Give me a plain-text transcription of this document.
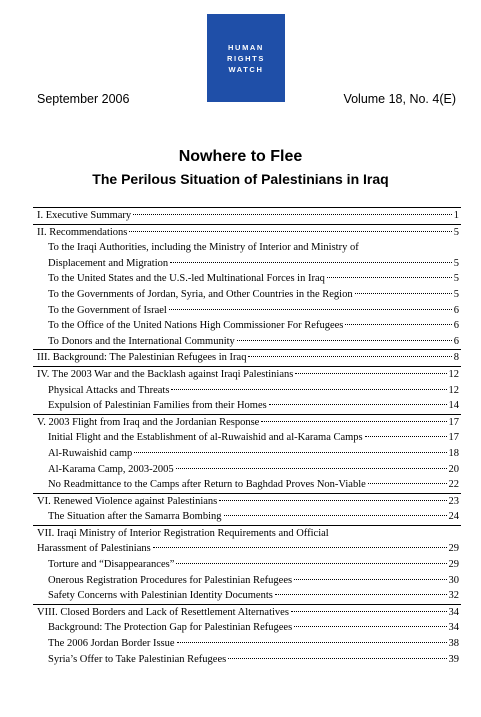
HUMAN
RIGHTS
WATCH
September 2006	Volume 18, No. 4(E)
Nowhere to Flee
The Perilous Situation of Palestinians in Iraq
I. Executive Summary	1
II. Recommendations	5
To the Iraqi Authorities, including the Ministry of Interior and Ministry of
Displacement and Migration	5
To the United States and the U.S.-led Multinational Forces in Iraq	5
To the Governments of Jordan, Syria, and Other Countries in the Region	5
To the Government of Israel	6
To the Office of the United Nations High Commissioner For Refugees	6
To Donors and the International Community	6
III. Background: The Palestinian Refugees in Iraq	8
IV. The 2003 War and the Backlash against Iraqi Palestinians	12
Physical Attacks and Threats	12
Expulsion of Palestinian Families from their Homes	14
V. 2003 Flight from Iraq and the Jordanian Response	17
Initial Flight and the Establishment of al-Ruwaishid and al-Karama Camps	17
Al-Ruwaishid camp	18
Al-Karama Camp, 2003-2005	20
No Readmittance to the Camps after Return to Baghdad Proves Non-Viable	22
VI. Renewed Violence against Palestinians	23
The Situation after the Samarra Bombing	24
VII. Iraqi Ministry of Interior Registration Requirements and Official
Harassment of Palestinians	29
Torture and “Disappearances”	29
Onerous Registration Procedures for Palestinian Refugees	30
Safety Concerns with Palestinian Identity Documents	32
VIII. Closed Borders and Lack of Resettlement Alternatives	34
Background: The Protection Gap for Palestinian Refugees	34
The 2006 Jordan Border Issue	38
Syria’s Offer to Take Palestinian Refugees	39
